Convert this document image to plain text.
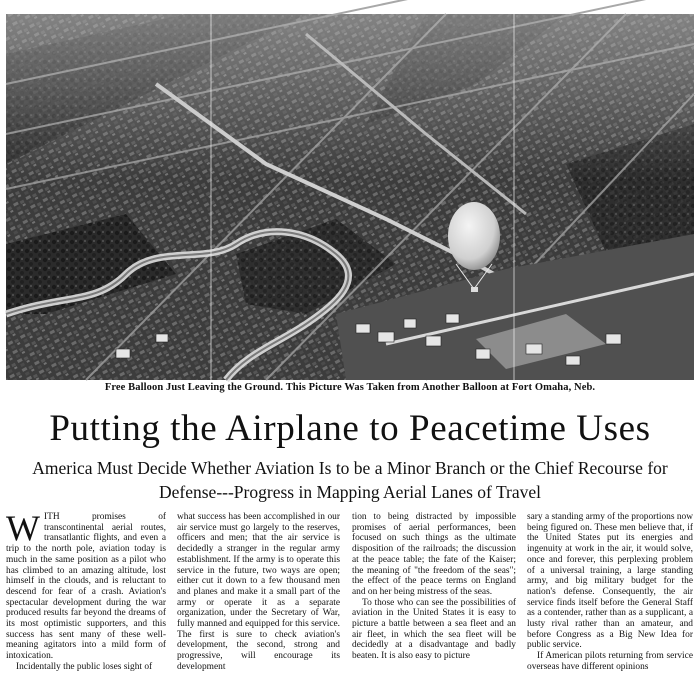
Free Balloon Just Leaving the Ground. This Picture Was Taken from Another Balloon at Fort Omaha, Neb.
Putting the Airplane to Peacetime Uses
America Must Decide Whether Aviation Is to be a Minor Branch or the Chief Recourse for Defense---Progress in Mapping Aerial Lanes of Travel
W ITH promises of transcontinental aerial routes, transatlantic flights, and even a trip to the north pole, aviation today is much in the same position as a pilot who has climbed to an amazing altitude, lost himself in the clouds, and is reluctant to descend for fear of a crash. Aviation's spectacular development during the war produced results far beyond the dreams of its most optimistic supporters, and this success has sent many of these well-meaning agitators into a mild form of intoxication.

Incidentally the public loses sight of

what success has been accomplished in our air service must go largely to the reserves, officers and men; that the air service is decidedly a stranger in the regular army establishment. If the army is to operate this service in the future, two ways are open; either cut it down to a few thousand men and planes and make it a small part of the army or operate it as a separate organization, under the Secretary of War, fully manned and equipped for this service. The first is sure to check aviation's development, the second, strong and progressive, will encourage its development

tion to being distracted by impossible promises of aerial performances, been focused on such things as the ultimate disposition of the railroads; the discussion at the peace table; the fate of the Kaiser; the meaning of "the freedom of the seas"; the effect of the peace terms on England and on her being mistress of the seas.

To those who can see the possibilities of aviation in the United States it is easy to picture a battle between a sea fleet and an air fleet, in which the sea fleet will be decidedly at a disadvantage and badly beaten. It is also easy to picture

sary a standing army of the proportions now being figured on. These men believe that, if the United States put its energies and ingenuity at work in the air, it would solve, once and forever, this perplexing problem of a universal training, a large standing army, and big military budget for the nation's defense. Consequently, the air service finds itself before the General Staff as a contender, rather than as a supplicant, a lusty rival rather than an amateur, and before Congress as a Big New Idea for public service.

If American pilots returning from service overseas have different opinions
